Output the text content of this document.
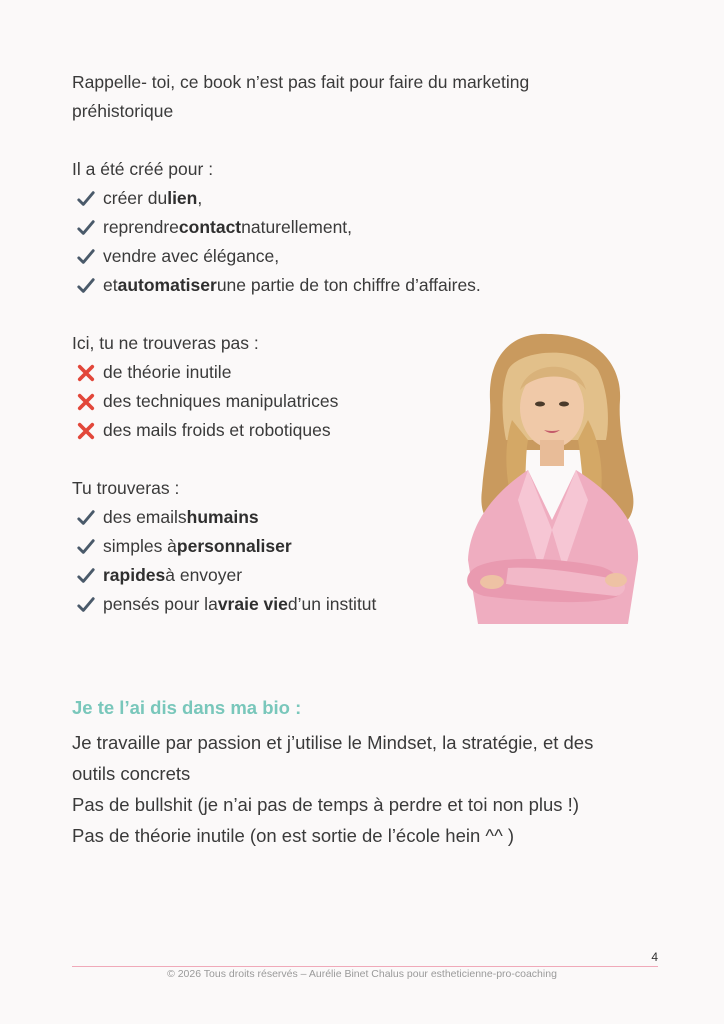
Rappelle- toi, ce book n’est pas fait pour faire du marketing
préhistorique

Il a été créé pour :

créer du lien ,
reprendre contact naturellement,
vendre avec élégance,
et automatiser une partie de ton chiffre d’affaires.

Ici, tu ne trouveras pas :

de théorie inutile
des techniques manipulatrices
des mails froids et robotiques

Tu trouveras :

des emails humains
simples à personnaliser
rapides à envoyer
pensés pour la vraie vie d’un institut

Je te l’ai dis dans ma bio :

Je travaille par passion et j’utilise le Mindset, la stratégie, et des
outils concrets
Pas de bullshit (je n’ai pas de temps à perdre et toi non plus !)
Pas de théorie inutile (on est sortie de l’école hein ^^ )

4
© 2026 Tous droits réservés – Aurélie Binet Chalus pour estheticienne-pro-coaching
